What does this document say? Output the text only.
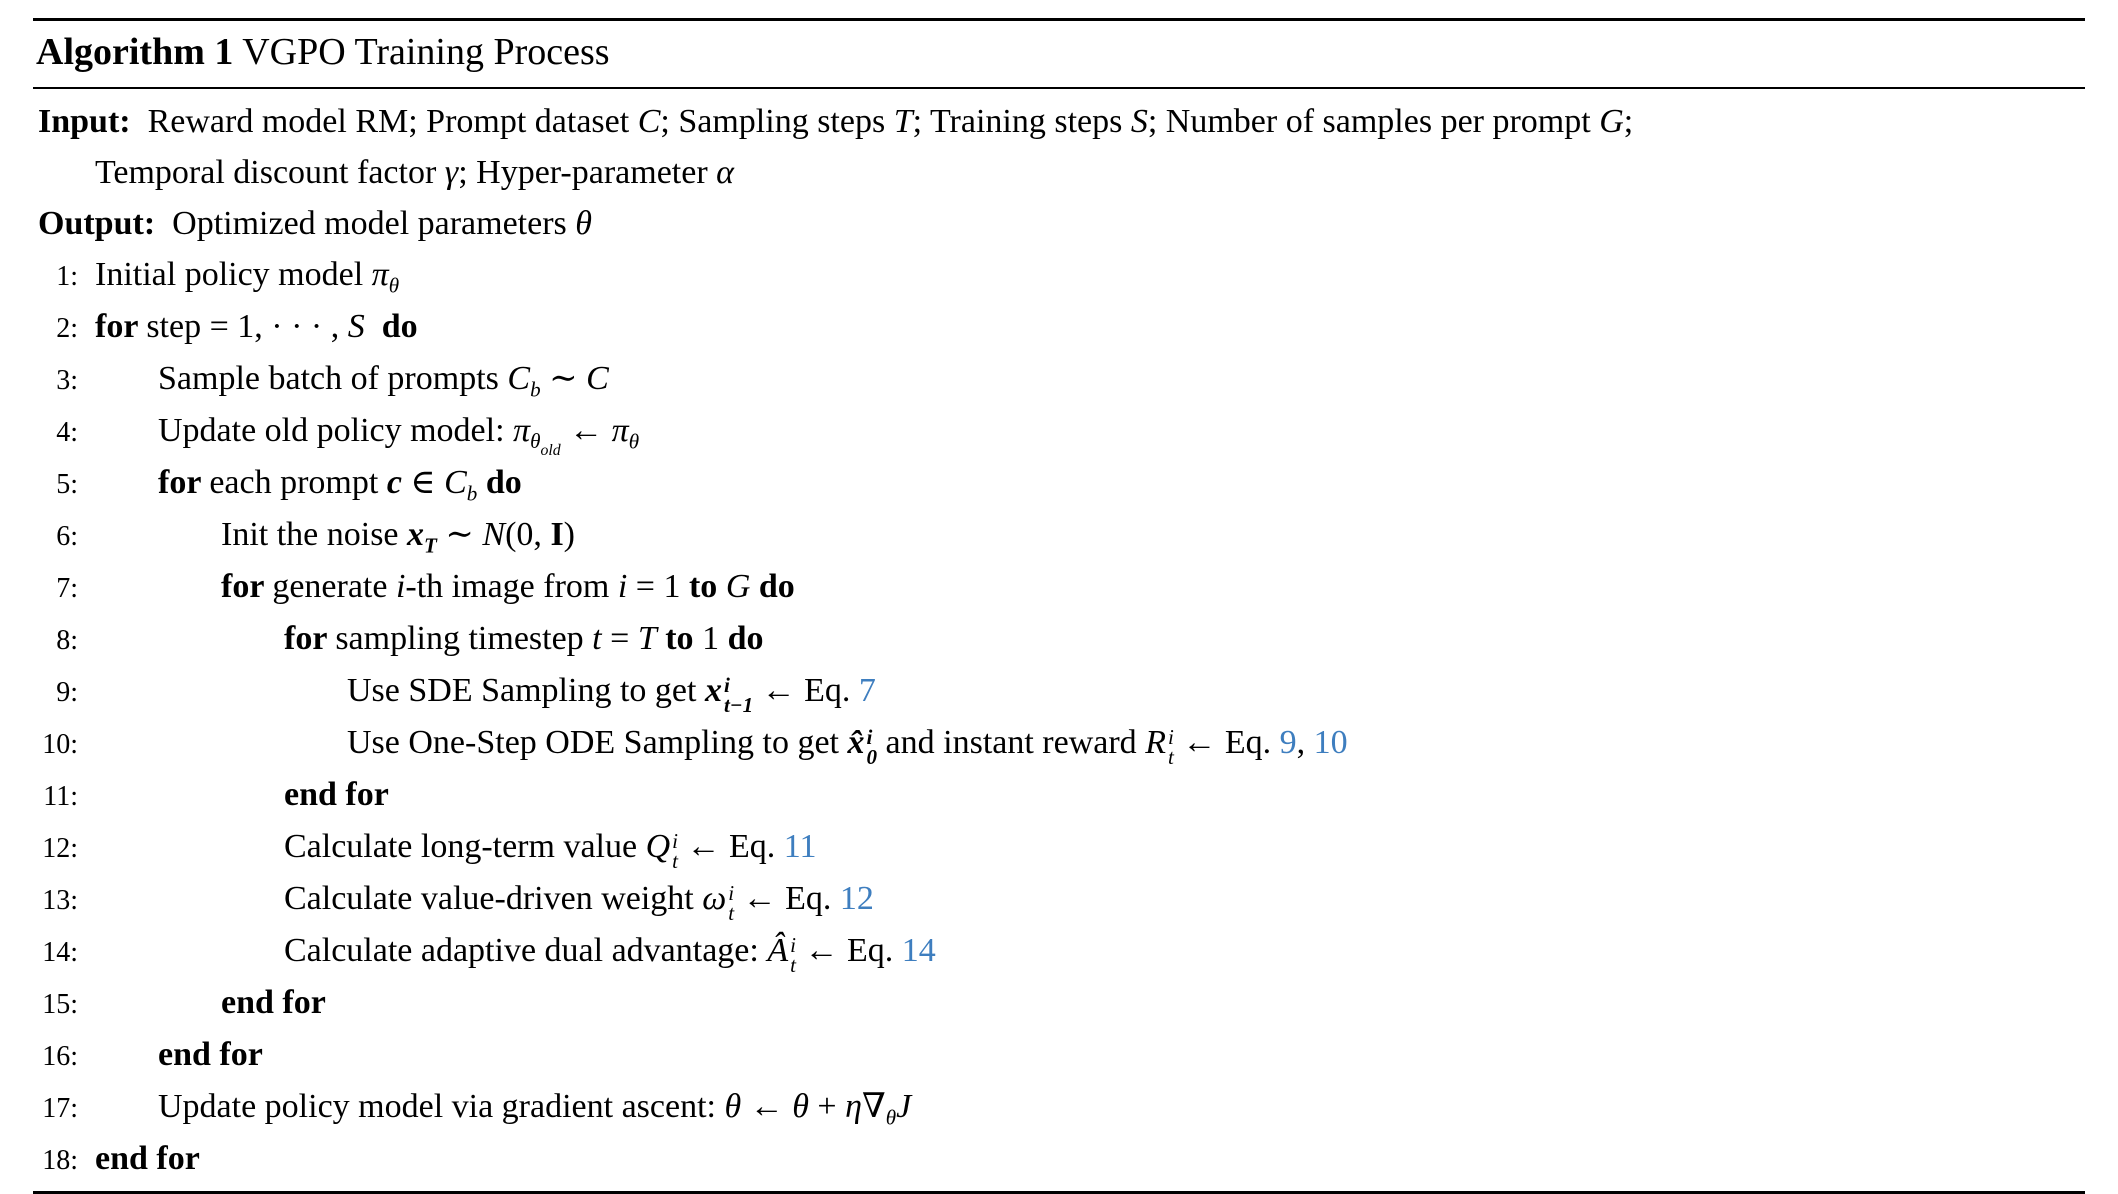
Algorithm 1 VGPO Training Process
Input:  Reward model RM; Prompt dataset C; Sampling steps T; Training steps S; Number of samples per prompt G;
Temporal discount factor γ; Hyper-parameter α
Output:  Optimized model parameters θ
1: Initial policy model $\pi_\theta$
2: for step = 1, · · · , S do
3:	Sample batch of prompts $C_b$ ∼ C
4:	Update old policy model: $\pi_{\theta_{old}}$ ← $\pi_\theta$
5:	for each prompt c ∈ $C_b$ do
6:	Init the noise $x_T$ ∼ N(0, I)
7:	for generate i-th image from i = 1 to G do
8:	for sampling timestep t = T to 1 do
9:	Use SDE Sampling to get x i
t−1 ← Eq. 7
10:	Use One-Step ODE Sampling to get x̂ i
0 and instant reward R i
t ← Eq. 9, 10
11:	end for
12:	Calculate long-term value Q i
t ← Eq. 11
13:	Calculate value-driven weight ω i
t ← Eq. 12
14:	Calculate adaptive dual advantage: Â i
t ← Eq. 14
15:	end for
16:	end for
17:	Update policy model via gradient ascent: θ ← $\theta + \eta\nabla_\theta J$
18: end for
